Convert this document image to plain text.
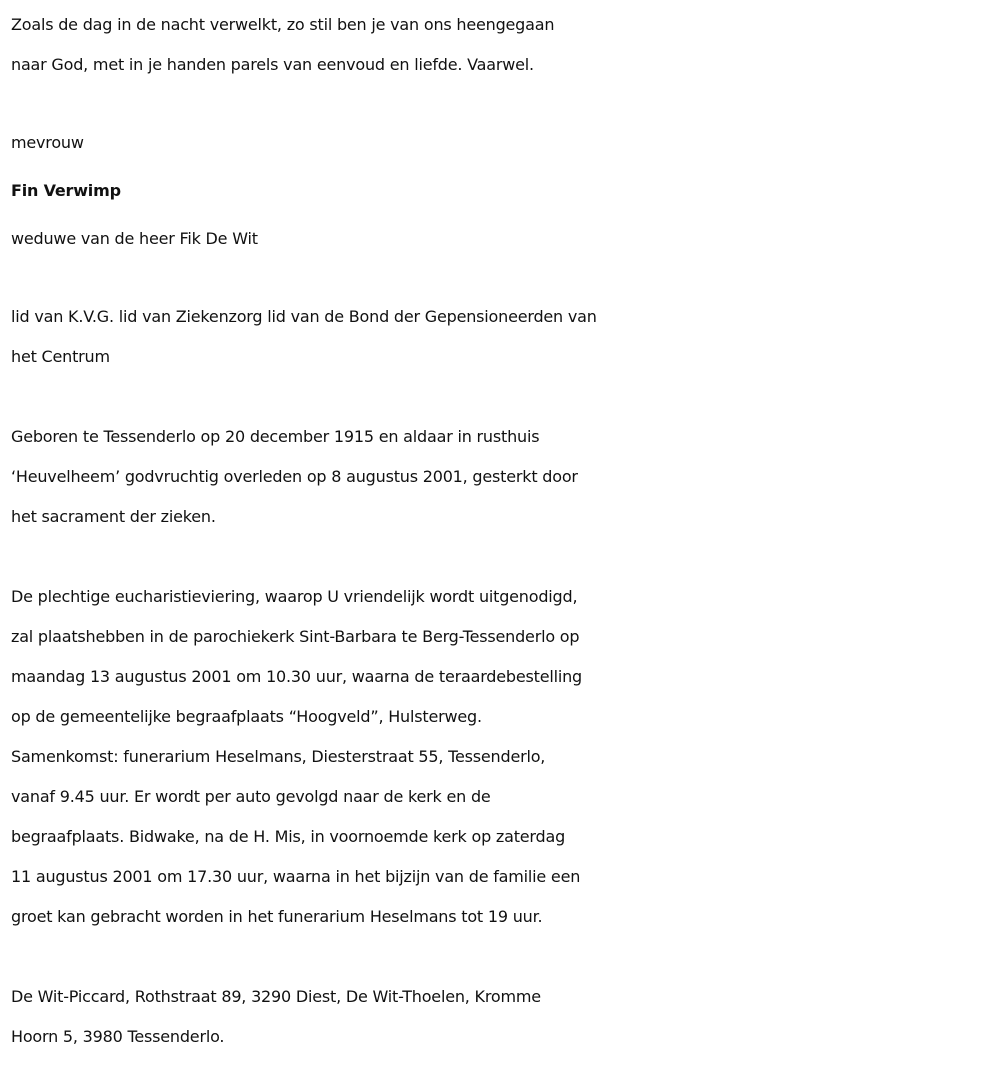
Zoals de dag in de nacht verwelkt, zo stil ben je van ons heengegaan
naar God, met in je handen parels van eenvoud en liefde. Vaarwel.
mevrouw
Fin Verwimp
weduwe van de heer Fik De Wit
lid van K.V.G. lid van Ziekenzorg lid van de Bond der Gepensioneerden van
het Centrum
Geboren te Tessenderlo op 20 december 1915 en aldaar in rusthuis
‘Heuvelheem’ godvruchtig overleden op 8 augustus 2001, gesterkt door
het sacrament der zieken.
De plechtige eucharistieviering, waarop U vriendelijk wordt uitgenodigd,
zal plaatshebben in de parochiekerk Sint-Barbara te Berg-Tessenderlo op
maandag 13 augustus 2001 om 10.30 uur, waarna de teraardebestelling
op de gemeentelijke begraafplaats “Hoogveld”, Hulsterweg.
Samenkomst: funerarium Heselmans, Diesterstraat 55, Tessenderlo,
vanaf 9.45 uur. Er wordt per auto gevolgd naar de kerk en de
begraafplaats. Bidwake, na de H. Mis, in voornoemde kerk op zaterdag
11 augustus 2001 om 17.30 uur, waarna in het bijzijn van de familie een
groet kan gebracht worden in het funerarium Heselmans tot 19 uur.
De Wit-Piccard, Rothstraat 89, 3290 Diest, De Wit-Thoelen, Kromme
Hoorn 5, 3980 Tessenderlo.
